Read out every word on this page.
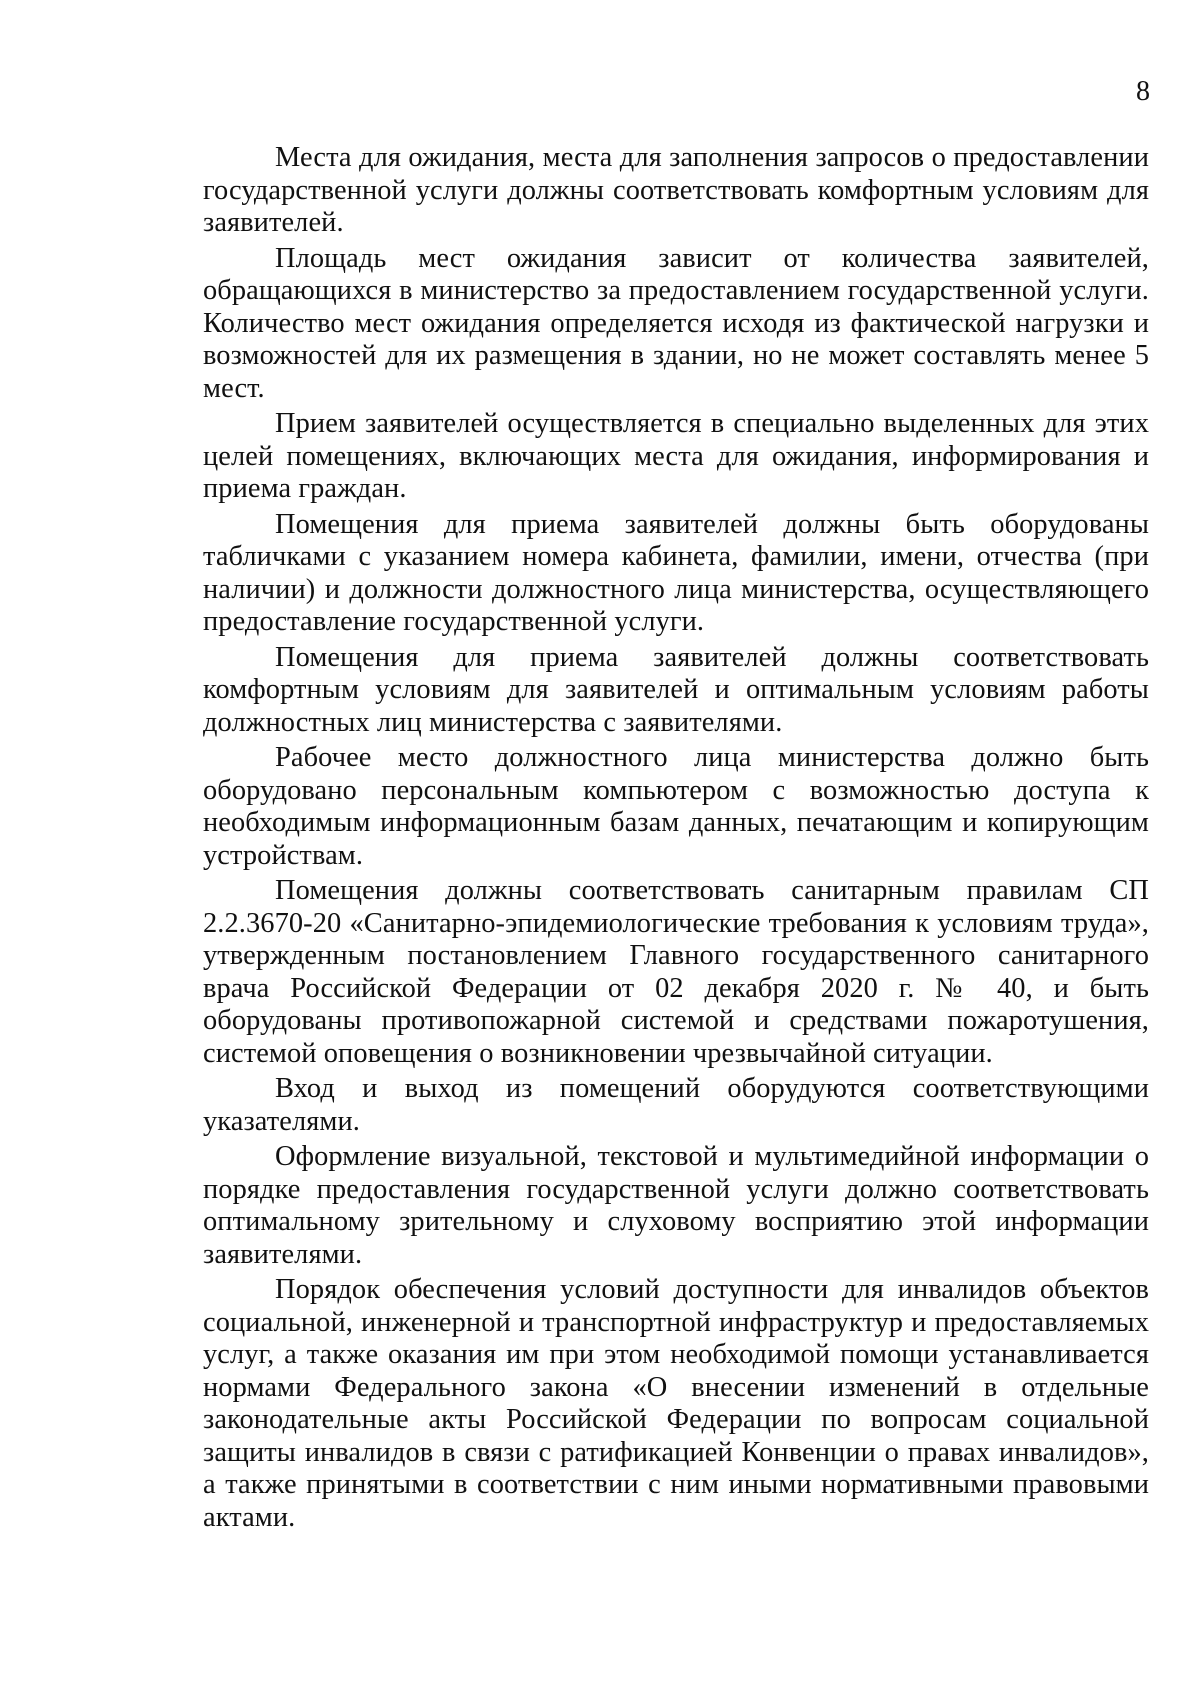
8

Места для ожидания, места для заполнения запросов о предоставлении государственной услуги должны соответствовать комфортным условиям для заявителей.

Площадь мест ожидания зависит от количества заявителей, обращающихся в министерство за предоставлением государственной услуги. Количество мест ожидания определяется исходя из фактической нагрузки и возможностей для их размещения в здании, но не может составлять менее 5 мест.

Прием заявителей осуществляется в специально выделенных для этих целей помещениях, включающих места для ожидания, информирования и приема граждан.

Помещения для приема заявителей должны быть оборудованы табличками с указанием номера кабинета, фамилии, имени, отчества (при наличии) и должности должностного лица министерства, осуществляющего предоставление государственной услуги.

Помещения для приема заявителей должны соответствовать комфортным условиям для заявителей и оптимальным условиям работы должностных лиц министерства с заявителями.

Рабочее место должностного лица министерства должно быть оборудовано персональным компьютером с возможностью доступа к необходимым информационным базам данных, печатающим и копирующим устройствам.

Помещения должны соответствовать санитарным правилам СП 2.2.3670-20 «Санитарно-эпидемиологические требования к условиям труда», утвержденным постановлением Главного государственного санитарного врача Российской Федерации от 02 декабря 2020 г. № 40, и быть оборудованы противопожарной системой и средствами пожаротушения, системой оповещения о возникновении чрезвычайной ситуации.

Вход и выход из помещений оборудуются соответствующими указателями.

Оформление визуальной, текстовой и мультимедийной информации о порядке предоставления государственной услуги должно соответствовать оптимальному зрительному и слуховому восприятию этой информации заявителями.

Порядок обеспечения условий доступности для инвалидов объектов социальной, инженерной и транспортной инфраструктур и предоставляемых услуг, а также оказания им при этом необходимой помощи устанавливается нормами Федерального закона «О внесении изменений в отдельные законодательные акты Российской Федерации по вопросам социальной защиты инвалидов в связи с ратификацией Конвенции о правах инвалидов», а также принятыми в соответствии с ним иными нормативными правовыми актами.
